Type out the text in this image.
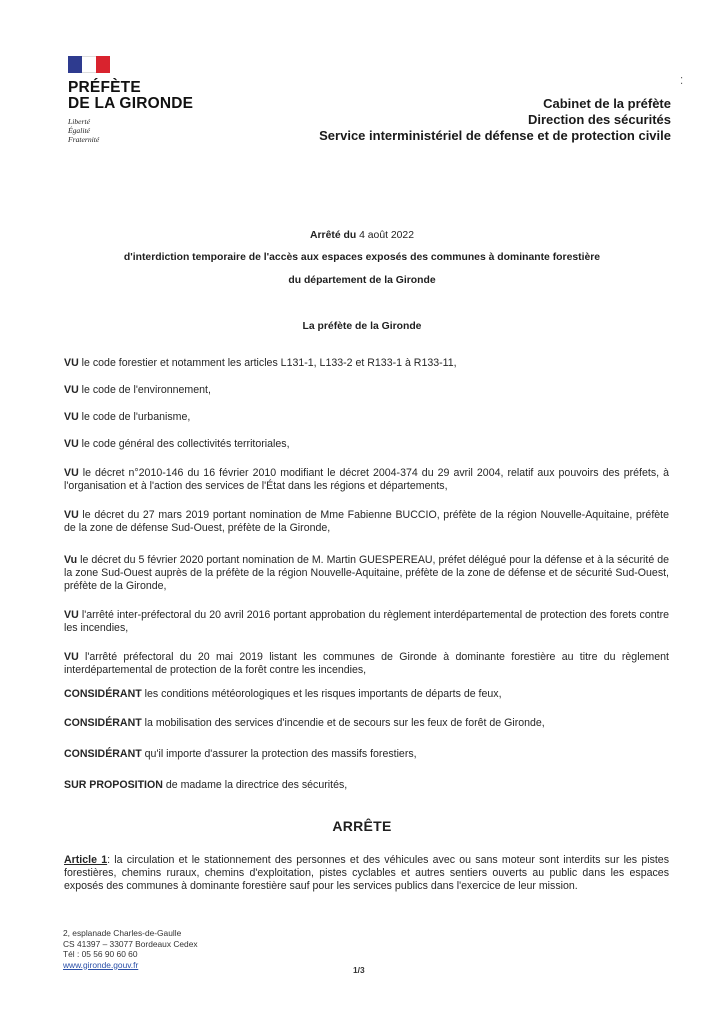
PRÉFÈTE
DE LA GIRONDE
Liberté
Égalité
Fraternité
⁚
Cabinet de la préfète
Direction des sécurités
Service interministériel de défense et de protection civile
Arrêté du 4 août 2022
d'interdiction temporaire de l'accès aux espaces exposés des communes à dominante forestière
du département de la Gironde
La préfète de la Gironde
VU le code forestier et notamment les articles L131-1, L133-2 et R133-1 à R133-11,
VU le code de l'environnement,
VU le code de l'urbanisme,
VU le code général des collectivités territoriales,
VU le décret n°2010-146 du 16 février 2010 modifiant le décret 2004-374 du 29 avril 2004, relatif aux pouvoirs des préfets, à l'organisation et à l'action des services de l'État dans les régions et départements,
VU le décret du 27 mars 2019 portant nomination de Mme Fabienne BUCCIO, préfète de la région Nouvelle-Aquitaine, préfète de la zone de défense Sud-Ouest, préfète de la Gironde,
Vu le décret du 5 février 2020 portant nomination de M. Martin GUESPEREAU, préfet délégué pour la défense et à la sécurité de la zone Sud-Ouest auprès de la préfète de la région Nouvelle-Aquitaine, préfète de la zone de défense et de sécurité Sud-Ouest, préfète de la Gironde,
VU l'arrêté inter-préfectoral du 20 avril 2016 portant approbation du règlement interdépartemental de protection des forets contre les incendies,
VU l'arrêté préfectoral du 20 mai 2019 listant les communes de Gironde à dominante forestière au titre du règlement interdépartemental de protection de la forêt contre les incendies,
CONSIDÉRANT les conditions météorologiques et les risques importants de départs de feux,
CONSIDÉRANT la mobilisation des services d'incendie et de secours sur les feux de forêt de Gironde,
CONSIDÉRANT qu'il importe d'assurer la protection des massifs forestiers,
SUR PROPOSITION de madame la directrice des sécurités,
ARRÊTE
Article 1: la circulation et le stationnement des personnes et des véhicules avec ou sans moteur sont interdits sur les pistes forestières, chemins ruraux, chemins d'exploitation, pistes cyclables et autres sentiers ouverts au public dans les espaces exposés des communes à dominante forestière sauf pour les services publics dans l'exercice de leur mission.
2, esplanade Charles-de-Gaulle
CS 41397 – 33077 Bordeaux Cedex
Tél : 05 56 90 60 60
www.gironde.gouv.fr
1/3
